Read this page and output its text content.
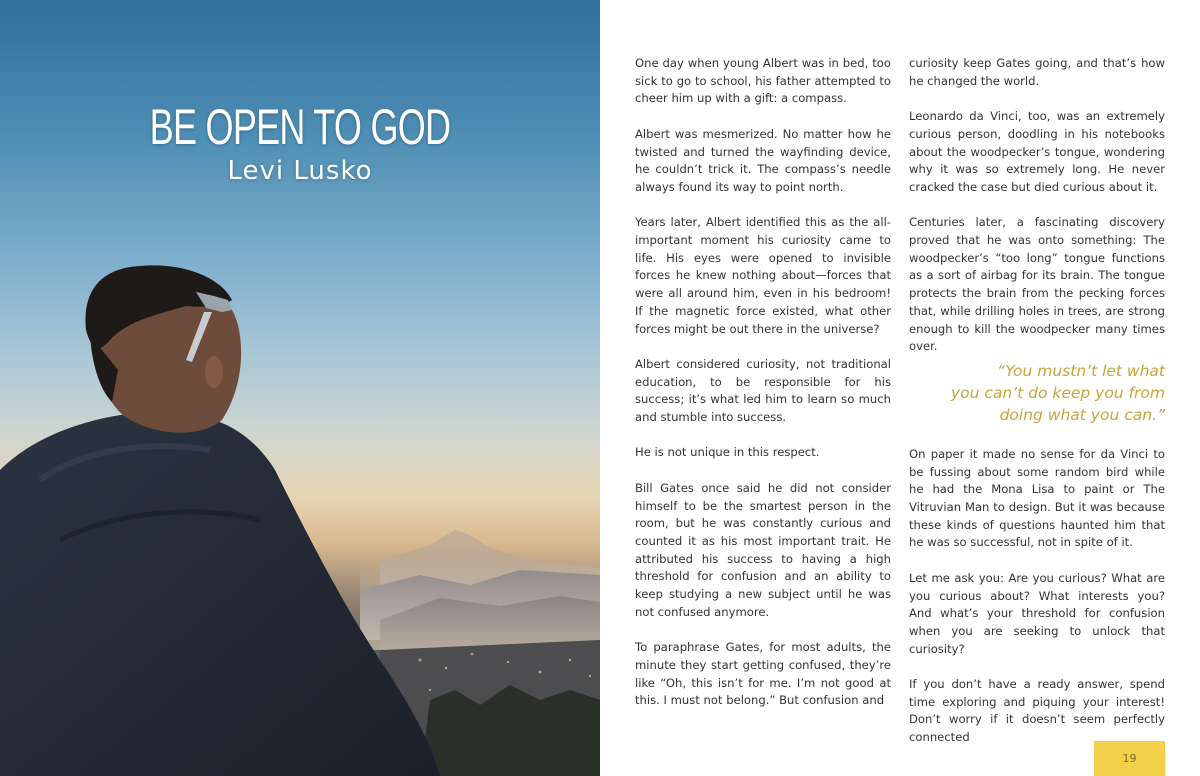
BE OPEN TO GOD
Levi Lusko

One day when young Albert was in bed, too sick to go to school, his father attempted to cheer him up with a gift: a compass.

Albert was mesmerized. No matter how he twisted and turned the wayfinding device, he couldn’t trick it. The compass’s needle always found its way to point north.

Years later, Albert identified this as the all-important moment his curiosity came to life. His eyes were opened to invisible forces he knew nothing about—forces that were all around him, even in his bedroom! If the magnetic force existed, what other forces might be out there in the universe?

Albert considered curiosity, not traditional education, to be responsible for his success; it’s what led him to learn so much and stumble into success.

He is not unique in this respect.

Bill Gates once said he did not consider himself to be the smartest person in the room, but he was constantly curious and counted it as his most important trait. He attributed his success to having a high threshold for confusion and an ability to keep studying a new subject until he was not confused anymore.

To paraphrase Gates, for most adults, the minute they start getting confused, they’re like “Oh, this isn’t for me. I’m not good at this. I must not belong.” But confusion and

curiosity keep Gates going, and that’s how he changed the world.

Leonardo da Vinci, too, was an extremely curious person, doodling in his notebooks about the woodpecker’s tongue, wondering why it was so extremely long. He never cracked the case but died curious about it.

Centuries later, a fascinating discovery proved that he was onto something: The woodpecker’s “too long” tongue functions as a sort of airbag for its brain. The tongue protects the brain from the pecking forces that, while drilling holes in trees, are strong enough to kill the woodpecker many times over.

“You mustn’t let what
you can’t do keep you from
doing what you can.”

On paper it made no sense for da Vinci to be fussing about some random bird while he had the Mona Lisa to paint or The Vitruvian Man to design. But it was because these kinds of questions haunted him that he was so successful, not in spite of it.

Let me ask you: Are you curious? What are you curious about? What interests you? And what’s your threshold for confusion when you are seeking to unlock that curiosity?

If you don’t have a ready answer, spend time exploring and piquing your interest! Don’t worry if it doesn’t seem perfectly connected

19
